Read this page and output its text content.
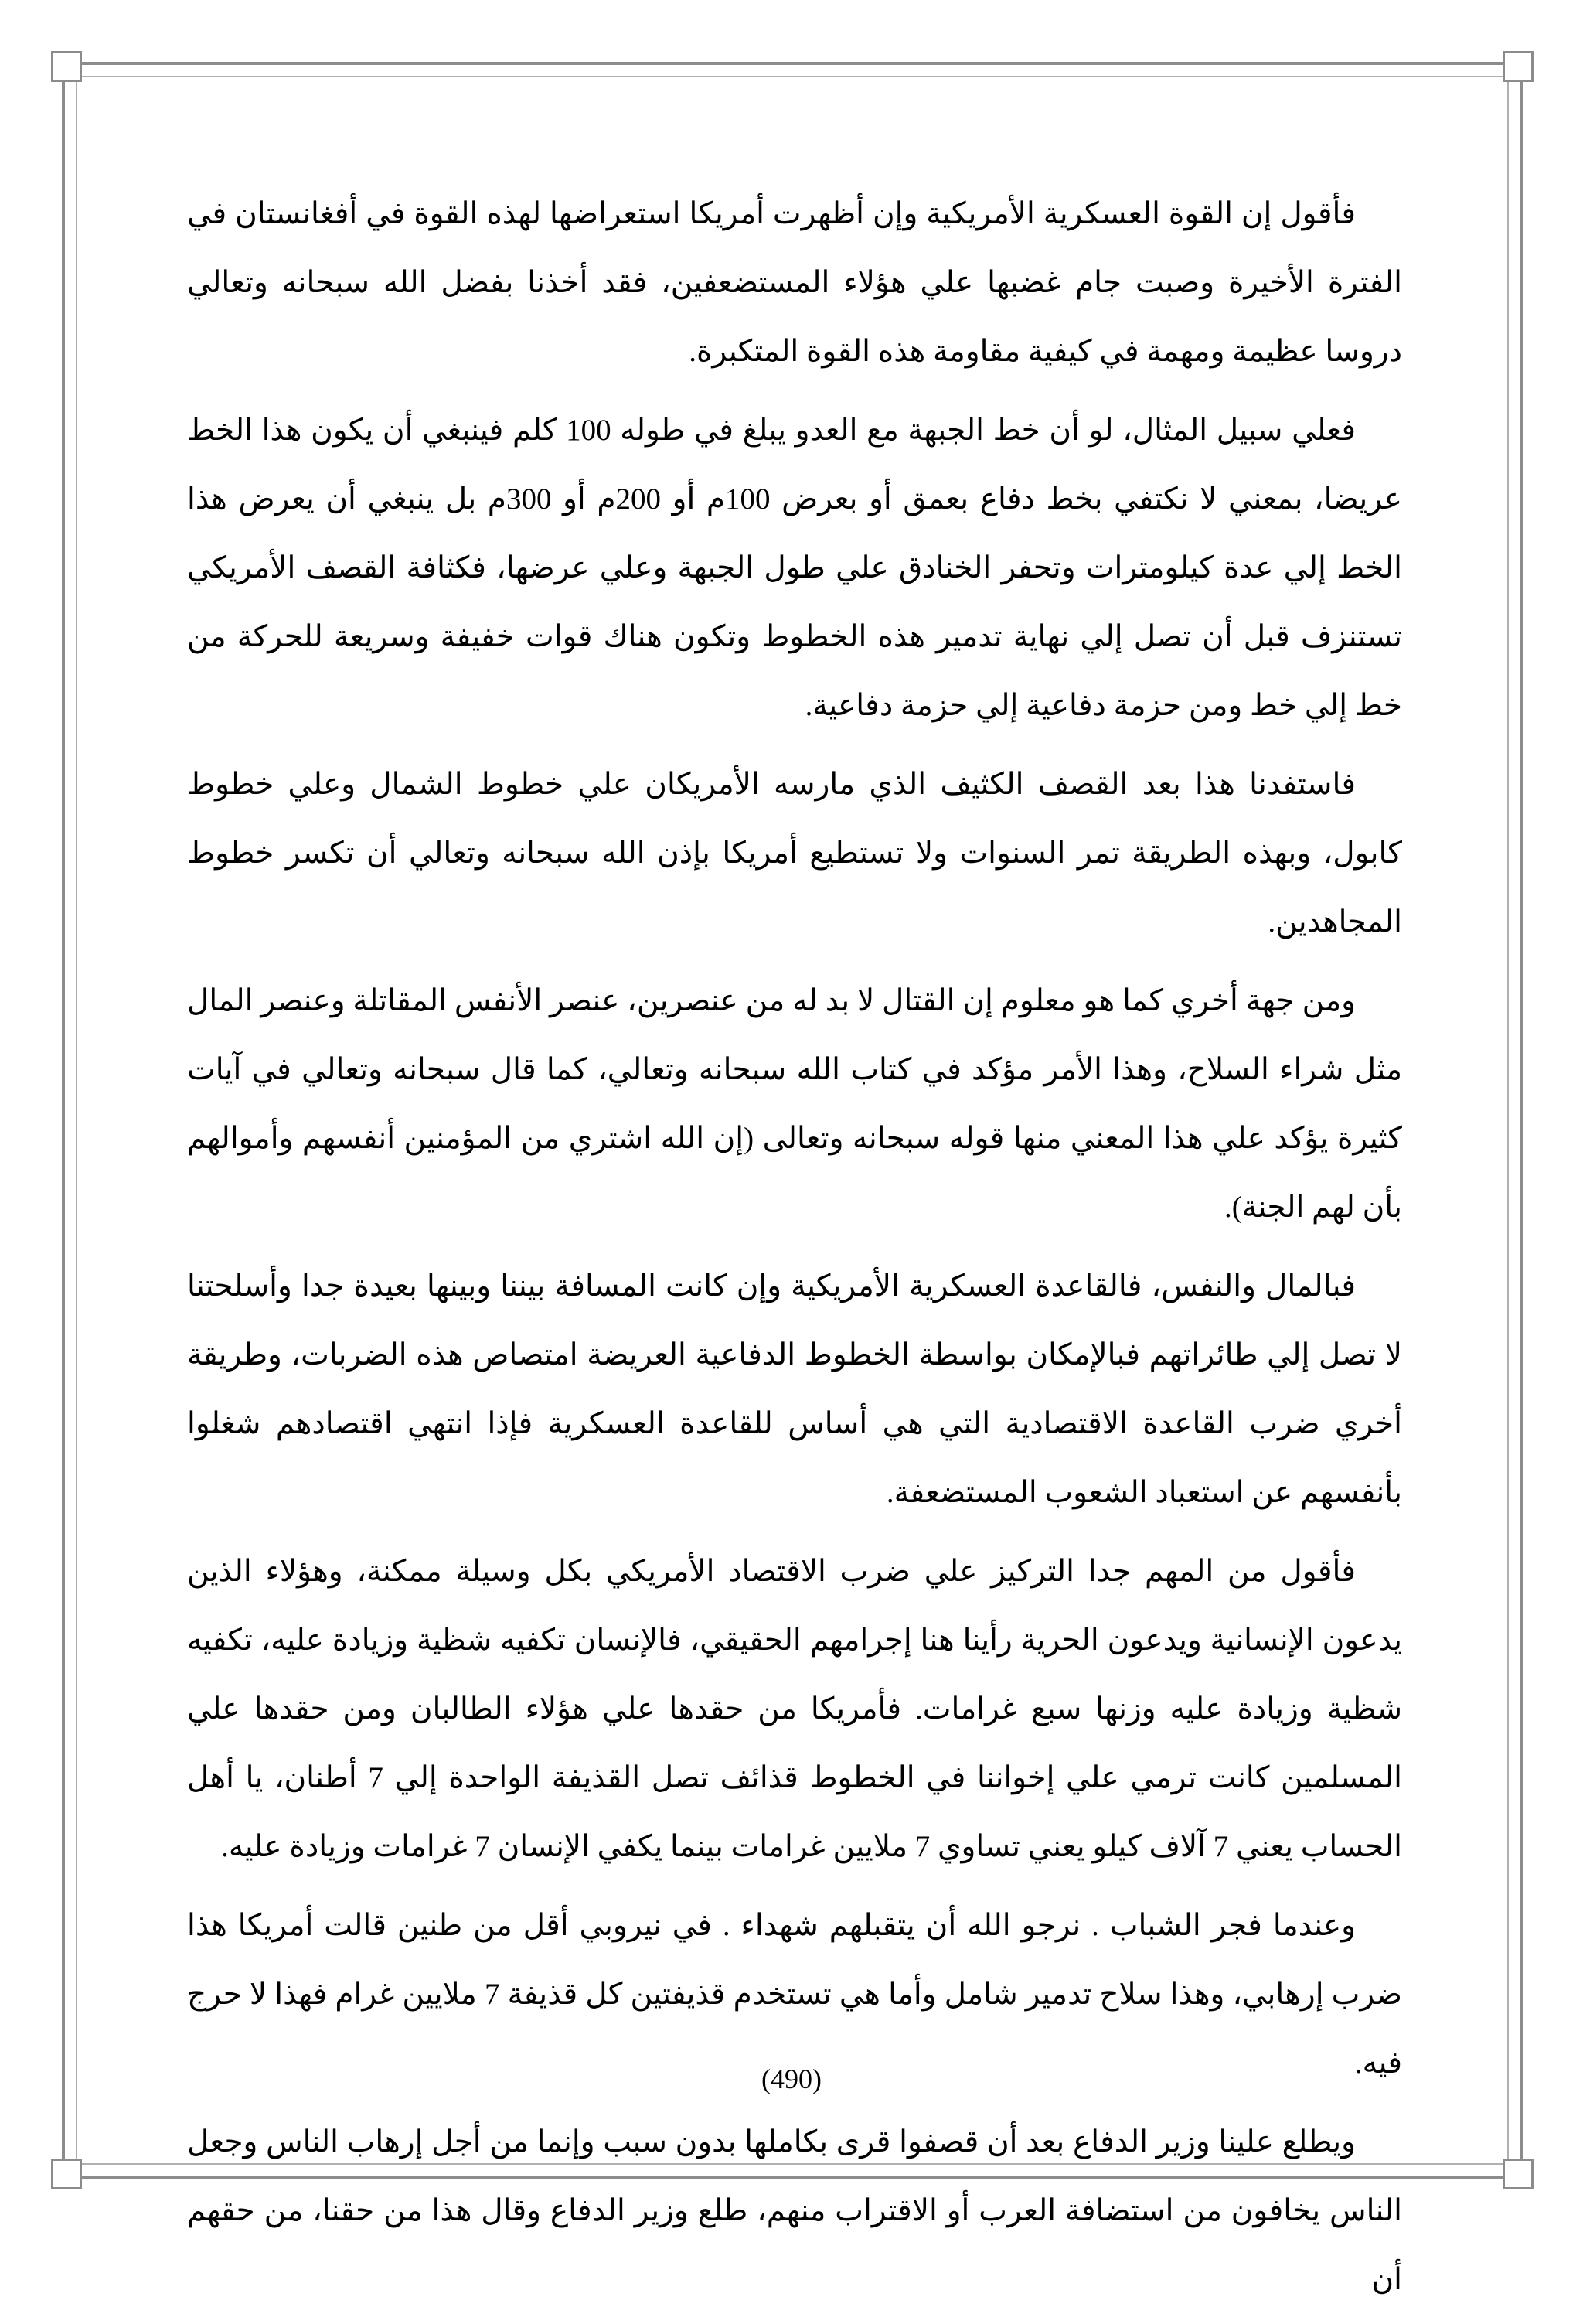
فأقول إن القوة العسكرية الأمريكية وإن أظهرت أمريكا استعراضها لهذه القوة في أفغانستان في الفترة الأخيرة وصبت جام غضبها علي هؤلاء المستضعفين، فقد أخذنا بفضل الله سبحانه وتعالي دروسا عظيمة ومهمة في كيفية مقاومة هذه القوة المتكبرة.

فعلي سبيل المثال، لو أن خط الجبهة مع العدو يبلغ في طوله 100 كلم فينبغي أن يكون هذا الخط عريضا، بمعني لا نكتفي بخط دفاع بعمق أو بعرض 100م أو 200م أو 300م بل ينبغي أن يعرض هذا الخط إلي عدة كيلومترات وتحفر الخنادق علي طول الجبهة وعلي عرضها، فكثافة القصف الأمريكي تستنزف قبل أن تصل إلي نهاية تدمير هذه الخطوط وتكون هناك قوات خفيفة وسريعة للحركة من خط إلي خط ومن حزمة دفاعية إلي حزمة دفاعية.

فاستفدنا هذا بعد القصف الكثيف الذي مارسه الأمريكان علي خطوط الشمال وعلي خطوط كابول، وبهذه الطريقة تمر السنوات ولا تستطيع أمريكا بإذن الله سبحانه وتعالي أن تكسر خطوط المجاهدين.

ومن جهة أخري كما هو معلوم إن القتال لا بد له من عنصرين، عنصر الأنفس المقاتلة وعنصر المال مثل شراء السلاح، وهذا الأمر مؤكد في كتاب الله سبحانه وتعالي، كما قال سبحانه وتعالي في آيات كثيرة يؤكد علي هذا المعني منها قوله سبحانه وتعالى (إن الله اشتري من المؤمنين أنفسهم وأموالهم بأن لهم الجنة).

فبالمال والنفس، فالقاعدة العسكرية الأمريكية وإن كانت المسافة بيننا وبينها بعيدة جدا وأسلحتنا لا تصل إلي طائراتهم فبالإمكان بواسطة الخطوط الدفاعية العريضة امتصاص هذه الضربات، وطريقة أخري ضرب القاعدة الاقتصادية التي هي أساس للقاعدة العسكرية فإذا انتهي اقتصادهم شغلوا بأنفسهم عن استعباد الشعوب المستضعفة.

فأقول من المهم جدا التركيز علي ضرب الاقتصاد الأمريكي بكل وسيلة ممكنة، وهؤلاء الذين يدعون الإنسانية ويدعون الحرية رأينا هنا إجرامهم الحقيقي، فالإنسان تكفيه شظية وزيادة عليه، تكفيه شظية وزيادة عليه وزنها سبع غرامات. فأمريكا من حقدها علي هؤلاء الطالبان ومن حقدها علي المسلمين كانت ترمي علي إخواننا في الخطوط قذائف تصل القذيفة الواحدة إلي 7 أطنان، يا أهل الحساب يعني 7 آلاف كيلو يعني تساوي 7 ملايين غرامات بينما يكفي الإنسان 7 غرامات وزيادة عليه.

وعندما فجر الشباب . نرجو الله أن يتقبلهم شهداء . في نيروبي أقل من طنين قالت أمريكا هذا ضرب إرهابي، وهذا سلاح تدمير شامل وأما هي تستخدم قذيفتين كل قذيفة 7 ملايين غرام فهذا لا حرج فيه.

ويطلع علينا وزير الدفاع بعد أن قصفوا قرى بكاملها بدون سبب وإنما من أجل إرهاب الناس وجعل الناس يخافون من استضافة العرب أو الاقتراب منهم، طلع وزير الدفاع وقال هذا من حقنا، من حقهم أن

(490)
